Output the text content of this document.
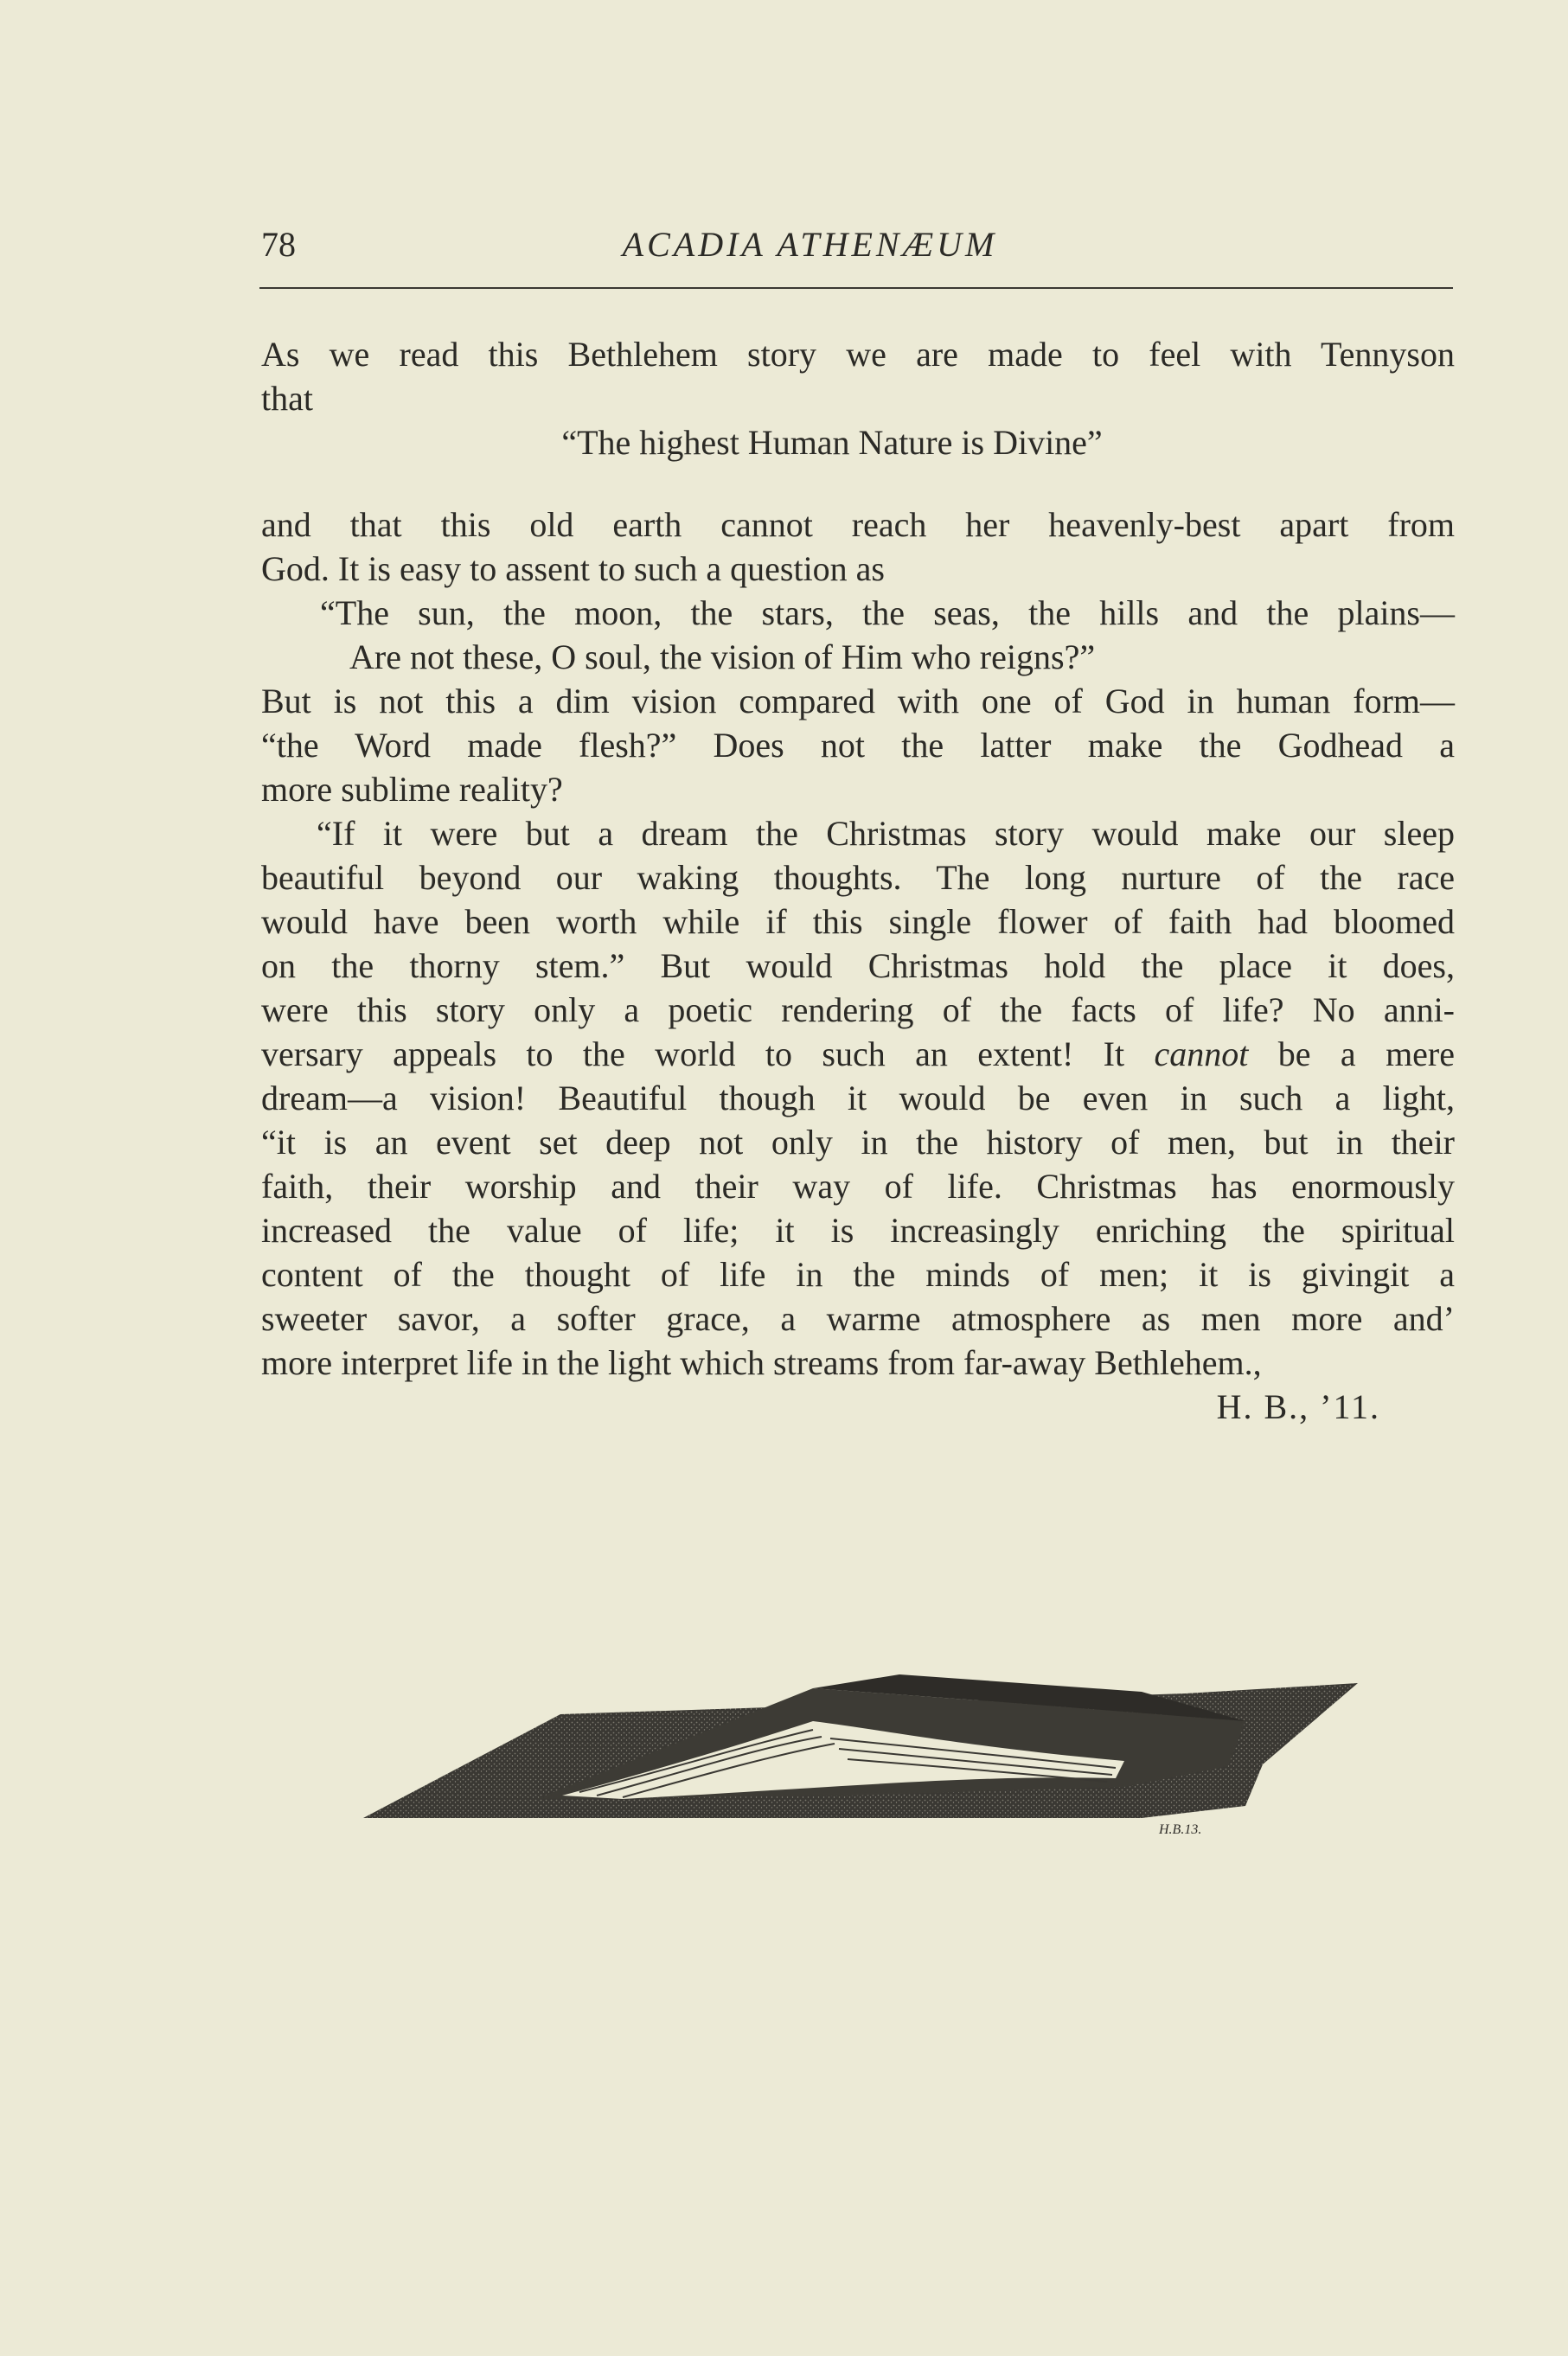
78	ACADIA ATHENÆUM
As we read this Bethlehem story we are made to feel with Tennyson
that
“The highest Human Nature is Divine”
and that this old earth cannot reach her heavenly-best apart from
God. It is easy to assent to such a question as
“The sun, the moon, the stars, the seas, the hills and the plains—
Are not these, O soul, the vision of Him who reigns?”
But is not this a dim vision compared with one of God in human form—
“the Word made flesh?” Does not the latter make the Godhead a
more sublime reality?
“If it were but a dream the Christmas story would make our sleep
beautiful beyond our waking thoughts. The long nurture of the race
would have been worth while if this single flower of faith had bloomed
on the thorny stem.” But would Christmas hold the place it does,
were this story only a poetic rendering of the facts of life? No anni-
versary appeals to the world to such an extent! It cannot be a mere
dream—a vision! Beautiful though it would be even in such a light,
“it is an event set deep not only in the history of men, but in their
faith, their worship and their way of life. Christmas has enormously
increased the value of life; it is increasingly enriching the spiritual
content of the thought of life in the minds of men; it is givingit a
sweeter savor, a softer grace, a warme atmosphere as men more and’
more interpret life in the light which streams from far-away Bethlehem.,
H. B., ’11.
H.B.13.
